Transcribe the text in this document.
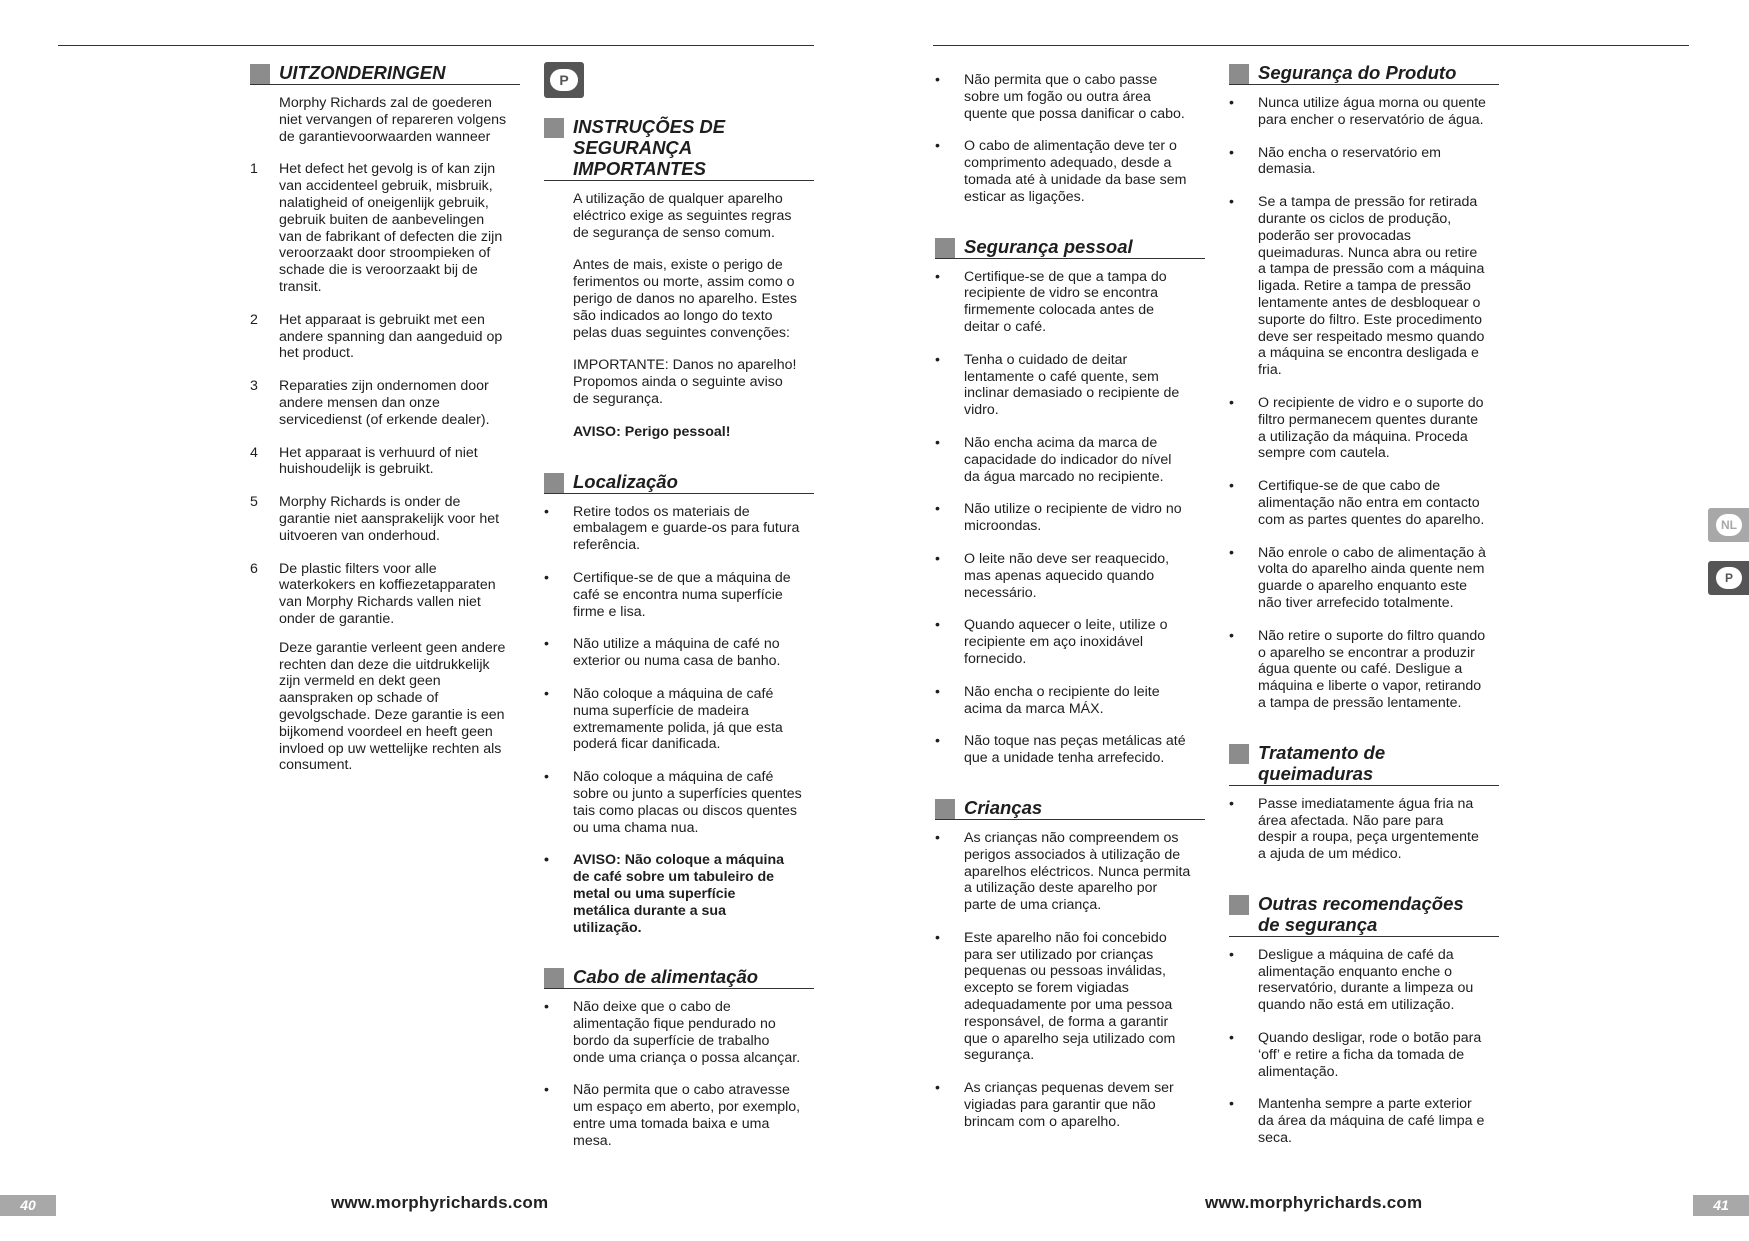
UITZONDERINGEN
Morphy Richards zal de goederen
niet vervangen of repareren volgens
de garantievoorwaarden wanneer
1 Het defect het gevolg is of kan zijn
van accidenteel gebruik, misbruik,
nalatigheid of oneigenlijk gebruik,
gebruik buiten de aanbevelingen
van de fabrikant of defecten die zijn
veroorzaakt door stroompieken of
schade die is veroorzaakt bij de
transit.
2 Het apparaat is gebruikt met een
andere spanning dan aangeduid op
het product.
3 Reparaties zijn ondernomen door
andere mensen dan onze
servicedienst (of erkende dealer).
4 Het apparaat is verhuurd of niet
huishoudelijk is gebruikt.
5 Morphy Richards is onder de
garantie niet aansprakelijk voor het
uitvoeren van onderhoud.
6 De plastic filters voor alle
waterkokers en koffiezetapparaten
van Morphy Richards vallen niet
onder de garantie.
Deze garantie verleent geen andere
rechten dan deze die uitdrukkelijk
zijn vermeld en dekt geen
aanspraken op schade of
gevolgschade. Deze garantie is een
bijkomend voordeel en heeft geen
invloed op uw wettelijke rechten als
consument.
P
INSTRUÇÕES DE
SEGURANÇA
IMPORTANTES
A utilização de qualquer aparelho
eléctrico exige as seguintes regras
de segurança de senso comum.
Antes de mais, existe o perigo de
ferimentos ou morte, assim como o
perigo de danos no aparelho. Estes
são indicados ao longo do texto
pelas duas seguintes convenções:
IMPORTANTE: Danos no aparelho!
Propomos ainda o seguinte aviso
de segurança.
AVISO: Perigo pessoal!
Localização
• Retire todos os materiais de
embalagem e guarde-os para futura
referência.
• Certifique-se de que a máquina de
café se encontra numa superfície
firme e lisa.
• Não utilize a máquina de café no
exterior ou numa casa de banho.
• Não coloque a máquina de café
numa superfície de madeira
extremamente polida, já que esta
poderá ficar danificada.
• Não coloque a máquina de café
sobre ou junto a superfícies quentes
tais como placas ou discos quentes
ou uma chama nua.
• AVISO: Não coloque a máquina
de café sobre um tabuleiro de
metal ou uma superfície
metálica durante a sua
utilização.
Cabo de alimentação
• Não deixe que o cabo de
alimentação fique pendurado no
bordo da superfície de trabalho
onde uma criança o possa alcançar.
• Não permita que o cabo atravesse
um espaço em aberto, por exemplo,
entre uma tomada baixa e uma
mesa.
• Não permita que o cabo passe
sobre um fogão ou outra área
quente que possa danificar o cabo.
• O cabo de alimentação deve ter o
comprimento adequado, desde a
tomada até à unidade da base sem
esticar as ligações.
Segurança pessoal
• Certifique-se de que a tampa do
recipiente de vidro se encontra
firmemente colocada antes de
deitar o café.
• Tenha o cuidado de deitar
lentamente o café quente, sem
inclinar demasiado o recipiente de
vidro.
• Não encha acima da marca de
capacidade do indicador do nível
da água marcado no recipiente.
• Não utilize o recipiente de vidro no
microondas.
• O leite não deve ser reaquecido,
mas apenas aquecido quando
necessário.
• Quando aquecer o leite, utilize o
recipiente em aço inoxidável
fornecido.
• Não encha o recipiente do leite
acima da marca MÁX.
• Não toque nas peças metálicas até
que a unidade tenha arrefecido.
Crianças
• As crianças não compreendem os
perigos associados à utilização de
aparelhos eléctricos. Nunca permita
a utilização deste aparelho por
parte de uma criança.
• Este aparelho não foi concebido
para ser utilizado por crianças
pequenas ou pessoas inválidas,
excepto se forem vigiadas
adequadamente por uma pessoa
responsável, de forma a garantir
que o aparelho seja utilizado com
segurança.
• As crianças pequenas devem ser
vigiadas para garantir que não
brincam com o aparelho.
Segurança do Produto
• Nunca utilize água morna ou quente
para encher o reservatório de água.
• Não encha o reservatório em
demasia.
• Se a tampa de pressão for retirada
durante os ciclos de produção,
poderão ser provocadas
queimaduras. Nunca abra ou retire
a tampa de pressão com a máquina
ligada. Retire a tampa de pressão
lentamente antes de desbloquear o
suporte do filtro. Este procedimento
deve ser respeitado mesmo quando
a máquina se encontra desligada e
fria.
• O recipiente de vidro e o suporte do
filtro permanecem quentes durante
a utilização da máquina. Proceda
sempre com cautela.
• Certifique-se de que cabo de
alimentação não entra em contacto
com as partes quentes do aparelho.
• Não enrole o cabo de alimentação à
volta do aparelho ainda quente nem
guarde o aparelho enquanto este
não tiver arrefecido totalmente.
• Não retire o suporte do filtro quando
o aparelho se encontrar a produzir
água quente ou café. Desligue a
máquina e liberte o vapor, retirando
a tampa de pressão lentamente.
Tratamento de
queimaduras
• Passe imediatamente água fria na
área afectada. Não pare para
despir a roupa, peça urgentemente
a ajuda de um médico.
Outras recomendações
de segurança
• Desligue a máquina de café da
alimentação enquanto enche o
reservatório, durante a limpeza ou
quando não está em utilização.
• Quando desligar, rode o botão para
‘off’ e retire a ficha da tomada de
alimentação.
• Mantenha sempre a parte exterior
da área da máquina de café limpa e
seca.
NL
P
40	www.morphyrichards.com	www.morphyrichards.com	41
